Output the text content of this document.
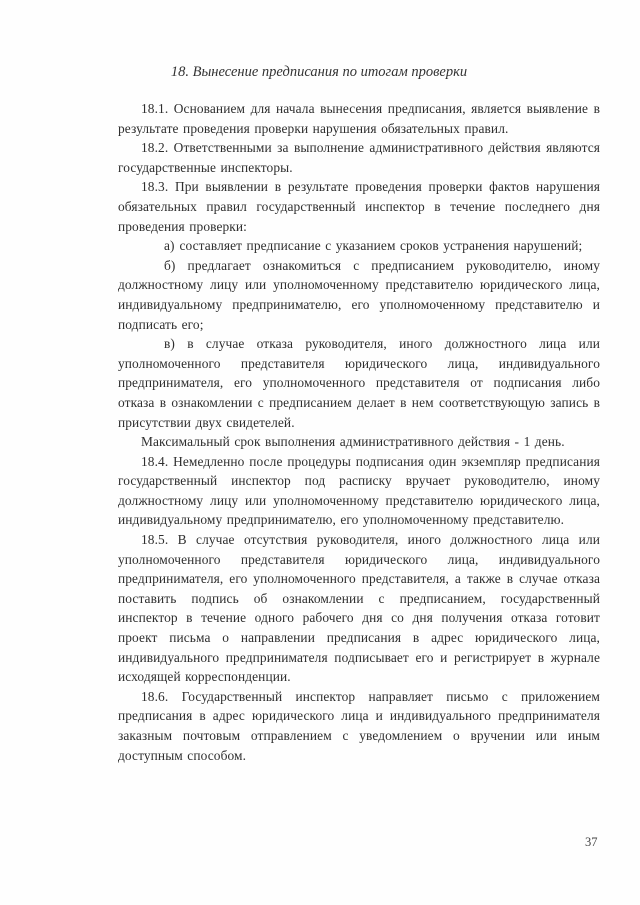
18. Вынесение предписания по итогам проверки

18.1. Основанием для начала вынесения предписания, является выявление в результате проведения проверки нарушения обязательных правил.

18.2. Ответственными за выполнение административного действия являются государственные инспекторы.

18.3. При выявлении в результате проведения проверки фактов нарушения обязательных правил государственный инспектор в течение последнего дня проведения проверки:

а) составляет предписание с указанием сроков устранения нарушений;

б) предлагает ознакомиться с предписанием руководителю, иному должностному лицу или уполномоченному представителю юридического лица, индивидуальному предпринимателю, его уполномоченному представителю и подписать его;

в) в случае отказа руководителя, иного должностного лица или уполномоченного представителя юридического лица, индивидуального предпринимателя, его уполномоченного представителя от подписания либо отказа в ознакомлении с предписанием делает в нем соответствующую запись в присутствии двух свидетелей.

Максимальный срок выполнения административного действия - 1 день.

18.4. Немедленно после процедуры подписания один экземпляр предписания государственный инспектор под расписку вручает руководителю, иному должностному лицу или уполномоченному представителю юридического лица, индивидуальному предпринимателю, его уполномоченному представителю.

18.5. В случае отсутствия руководителя, иного должностного лица или уполномоченного представителя юридического лица, индивидуального предпринимателя, его уполномоченного представителя, а также в случае отказа поставить подпись об ознакомлении с предписанием, государственный инспектор в течение одного рабочего дня со дня получения отказа готовит проект письма о направлении предписания в адрес юридического лица, индивидуального предпринимателя подписывает его и регистрирует в журнале исходящей корреспонденции.

18.6. Государственный инспектор направляет письмо с приложением предписания в адрес юридического лица и индивидуального предпринимателя заказным почтовым отправлением с уведомлением о вручении или иным доступным способом.

37
